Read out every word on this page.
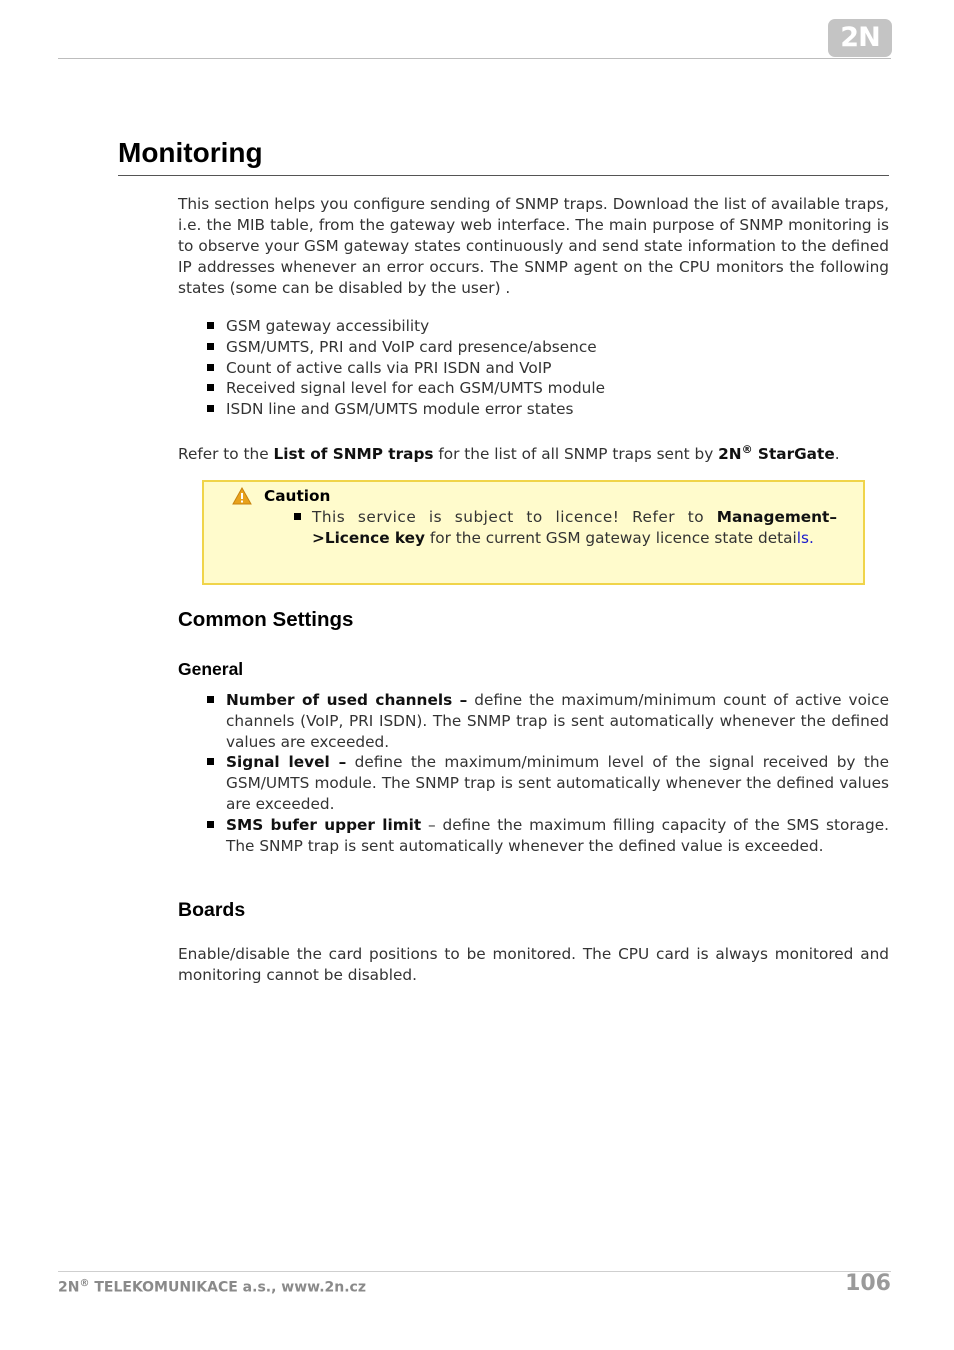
2N
Monitoring

This section helps you configure sending of SNMP traps. Download the list of available traps, i.e. the MIB table, from the gateway web interface. The main purpose of SNMP monitoring is to observe your GSM gateway states continuously and send state information to the defined IP addresses whenever an error occurs. The SNMP agent on the CPU monitors the following states (some can be disabled by the user) .

GSM gateway accessibility
GSM/UMTS, PRI and VoIP card presence/absence
Count of active calls via PRI ISDN and VoIP
Received signal level for each GSM/UMTS module
ISDN line and GSM/UMTS module error states

Refer to the List of SNMP traps for the list of all SNMP traps sent by 2N® StarGate.

Caution
This service is subject to licence! Refer to Management–>Licence key for the current GSM gateway licence state details.
Common Settings
General
Number of used channels – define the maximum/minimum count of active voice channels (VoIP, PRI ISDN). The SNMP trap is sent automatically whenever the defined values are exceeded.
Signal level – define the maximum/minimum level of the signal received by the GSM/UMTS module. The SNMP trap is sent automatically whenever the defined values are exceeded.
SMS bufer upper limit – define the maximum filling capacity of the SMS storage. The SNMP trap is sent automatically whenever the defined value is exceeded.
Boards

Enable/disable the card positions to be monitored. The CPU card is always monitored and monitoring cannot be disabled.

2N® TELEKOMUNIKACE a.s., www.2n.cz	106
